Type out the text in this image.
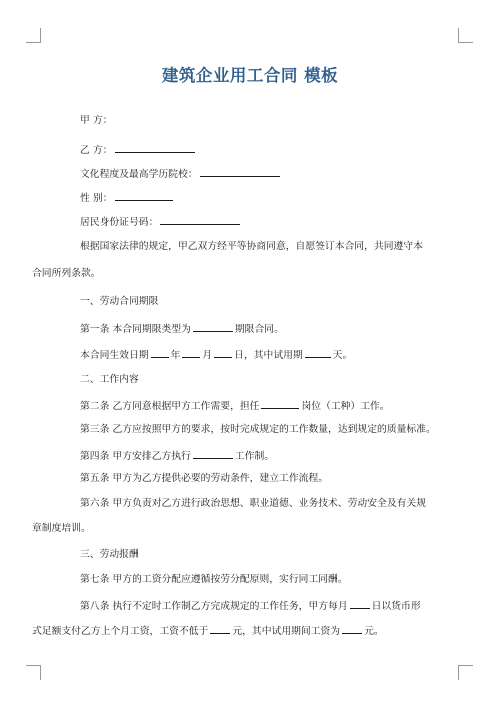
建筑企业用工合同 模板
甲 方：
乙 方：
文化程度及最高学历院校：
性 别：
居民身份证号码：
根据国家法律的规定，甲乙双方经平等协商同意，自愿签订本合同，共同遵守本
合同所列条款。
一、劳动合同期限
第一条 本合同期限类型为	期限合同。
本合同生效日期 年 月 日，其中试用期	天。
二、工作内容
第二条 乙方同意根据甲方工作需要，担任	岗位（工种）工作。
第三条 乙方应按照甲方的要求，按时完成规定的工作数量，达到规定的质量标准。
第四条 甲方安排乙方执行	工作制。
第五条 甲方为乙方提供必要的劳动条件，建立工作流程。
第六条 甲方负责对乙方进行政治思想、职业道德、业务技术、劳动安全及有关规
章制度培训。
三、劳动报酬
第七条 甲方的工资分配应遵循按劳分配原则，实行同工同酬。
第八条 执行不定时工作制乙方完成规定的工作任务，甲方每月 日以货币形
式足额支付乙方上个月工资，工资不低于 元，其中试用期间工资为 元。
